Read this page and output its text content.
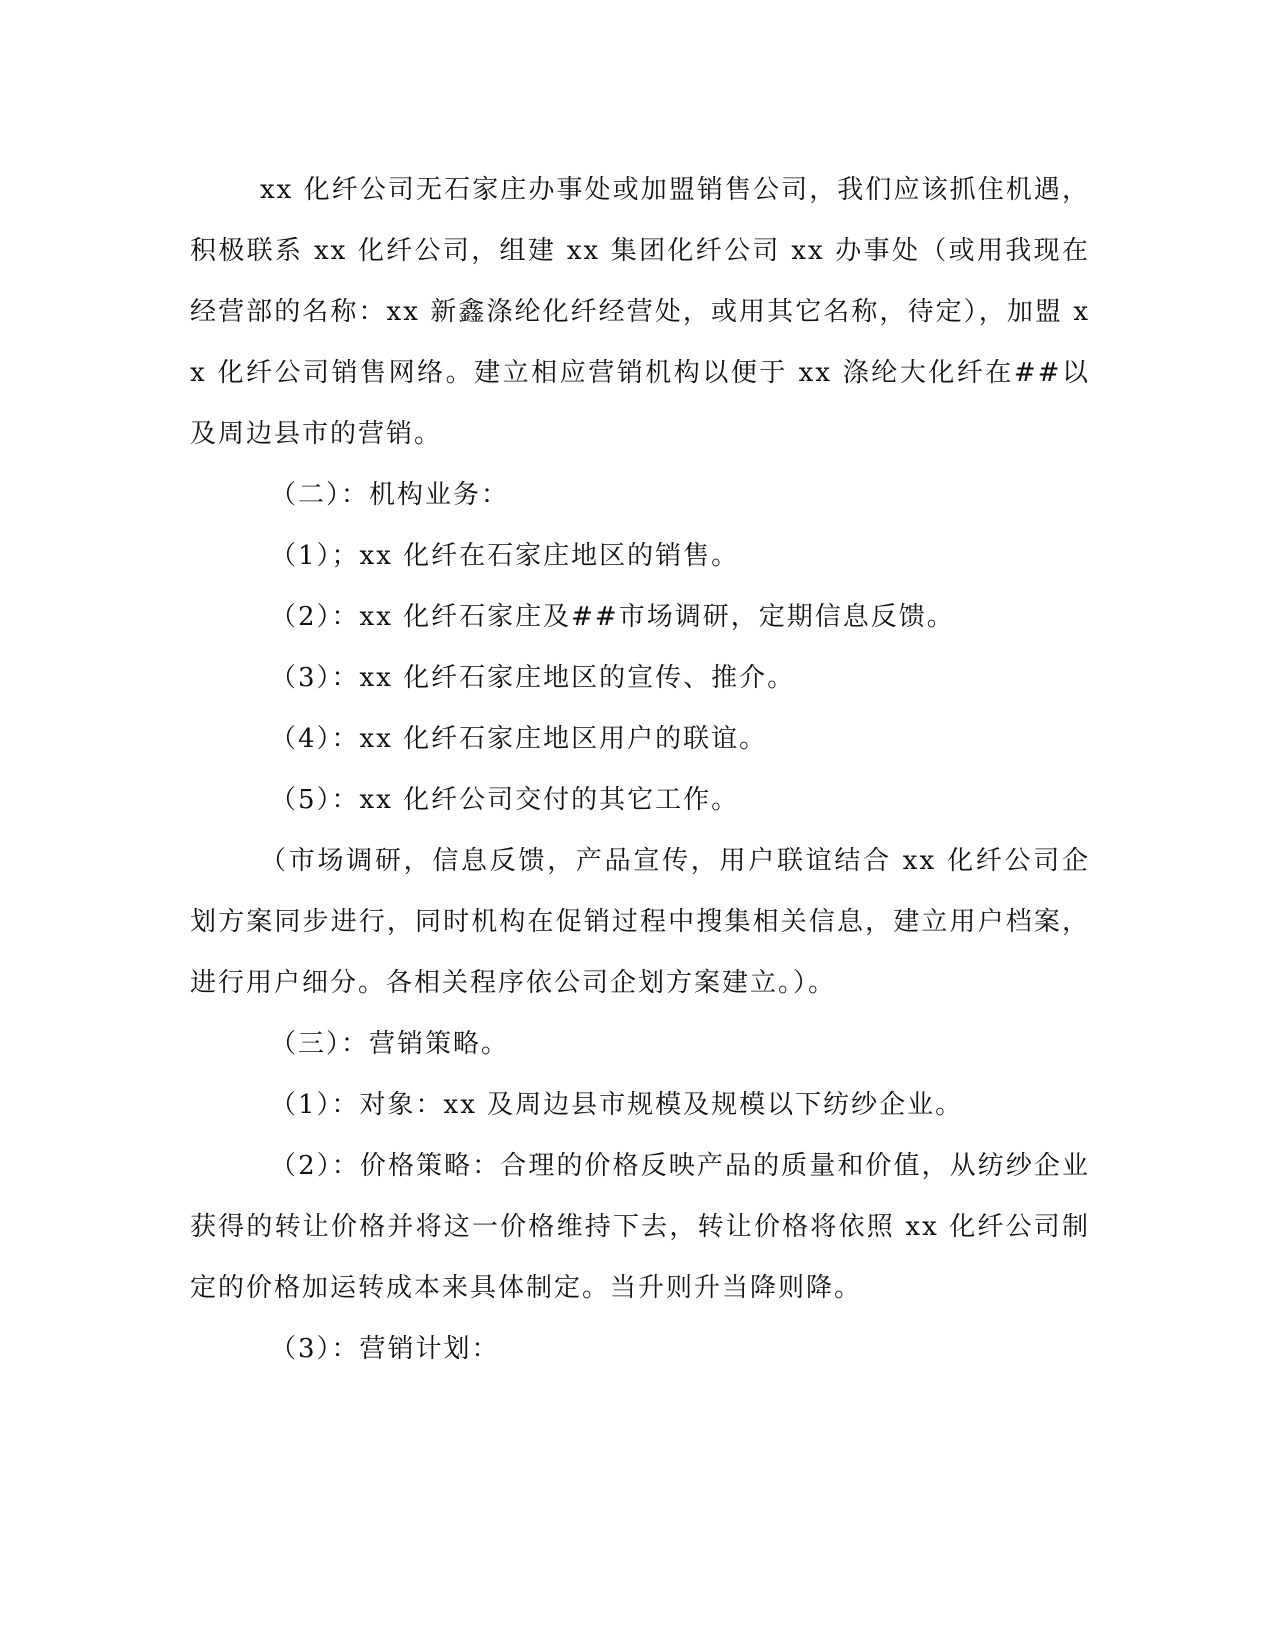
xx 化纤公司无石家庄办事处或加盟销售公司，我们应该抓住机遇，积极联系 xx 化纤公司，组建 xx 集团化纤公司 xx 办事处（或用我现在经营部的名称：xx 新鑫涤纶化纤经营处，或用其它名称，待定），加盟 xx 化纤公司销售网络。建立相应营销机构以便于 xx 涤纶大化纤在##以及周边县市的营销。

（二）：机构业务：

（1）；xx 化纤在石家庄地区的销售。

（2）：xx 化纤石家庄及##市场调研，定期信息反馈。

（3）：xx 化纤石家庄地区的宣传、推介。

（4）：xx 化纤石家庄地区用户的联谊。

（5）：xx 化纤公司交付的其它工作。

（市场调研，信息反馈，产品宣传，用户联谊结合 xx 化纤公司企划方案同步进行，同时机构在促销过程中搜集相关信息，建立用户档案，进行用户细分。各相关程序依公司企划方案建立。）。

（三）：营销策略。

（1）：对象：xx 及周边县市规模及规模以下纺纱企业。

（2）：价格策略：合理的价格反映产品的质量和价值，从纺纱企业获得的转让价格并将这一价格维持下去，转让价格将依照 xx 化纤公司制定的价格加运转成本来具体制定。当升则升当降则降。

（3）：营销计划：
